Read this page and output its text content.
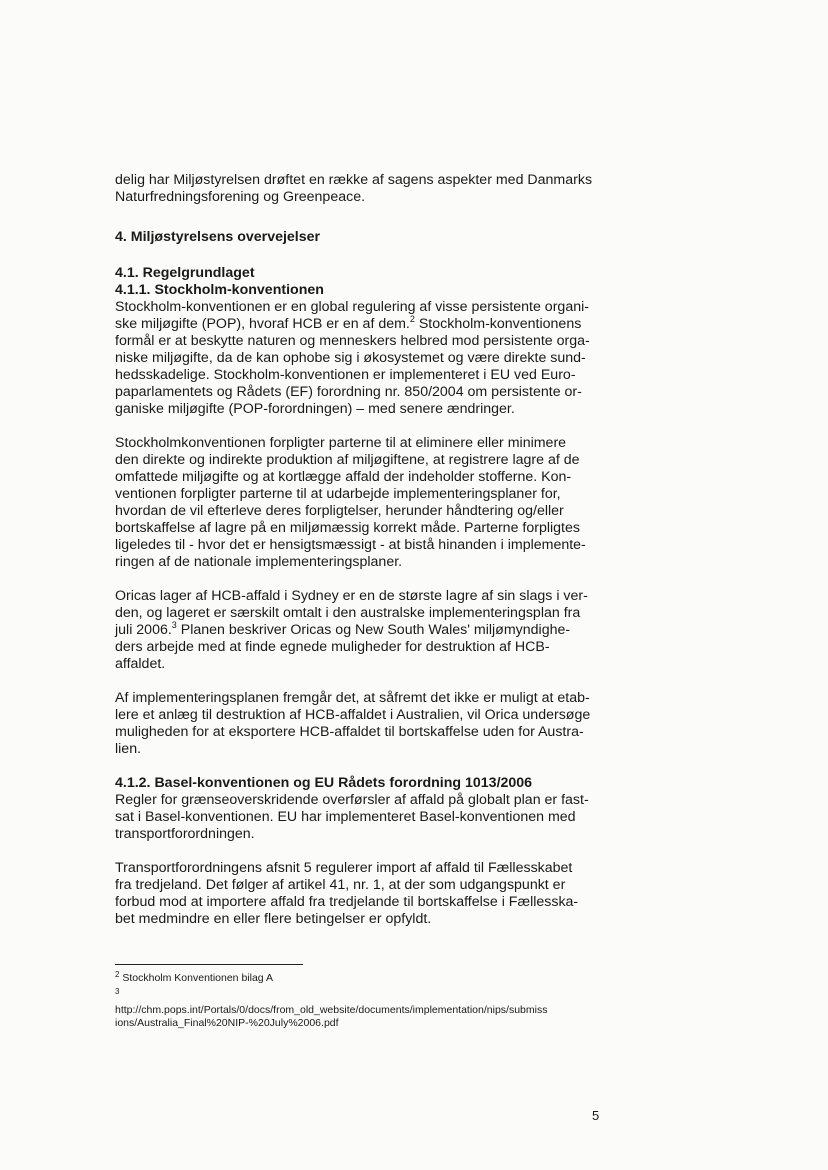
delig har Miljøstyrelsen drøftet en række af sagens aspekter med Danmarks

Naturfredningsforening og Greenpeace.

4. Miljøstyrelsens overvejelser

4.1. Regelgrundlaget

4.1.1. Stockholm-konventionen

Stockholm-konventionen er en global regulering af visse persistente organi-

ske miljøgifte (POP), hvoraf HCB er en af dem.$^2$ Stockholm-konventionens

formål er at beskytte naturen og menneskers helbred mod persistente orga-

niske miljøgifte, da de kan ophobe sig i økosystemet og være direkte sund-

hedsskadelige. Stockholm-konventionen er implementeret i EU ved Euro-

paparlamentets og Rådets (EF) forordning nr. 850/2004 om persistente or-

ganiske miljøgifte (POP-forordningen) – med senere ændringer.

Stockholmkonventionen forpligter parterne til at eliminere eller minimere

den direkte og indirekte produktion af miljøgiftene, at registrere lagre af de

omfattede miljøgifte og at kortlægge affald der indeholder stofferne. Kon-

ventionen forpligter parterne til at udarbejde implementeringsplaner for,

hvordan de vil efterleve deres forpligtelser, herunder håndtering og/eller

bortskaffelse af lagre på en miljømæssig korrekt måde. Parterne forpligtes

ligeledes til - hvor det er hensigtsmæssigt - at bistå hinanden i implemente-

ringen af de nationale implementeringsplaner.

Oricas lager af HCB-affald i Sydney er en de største lagre af sin slags i ver-

den, og lageret er særskilt omtalt i den australske implementeringsplan fra

juli 2006.$^3$ Planen beskriver Oricas og New South Wales' miljømyndighe-

ders arbejde med at finde egnede muligheder for destruktion af HCB-

affaldet.

Af implementeringsplanen fremgår det, at såfremt det ikke er muligt at etab-

lere et anlæg til destruktion af HCB-affaldet i Australien, vil Orica undersøge

muligheden for at eksportere HCB-affaldet til bortskaffelse uden for Austra-

lien.

4.1.2. Basel-konventionen og EU Rådets forordning 1013/2006

Regler for grænseoverskridende overførsler af affald på globalt plan er fast-

sat i Basel-konventionen. EU har implementeret Basel-konventionen med

transportforordningen.

Transportforordningens afsnit 5 regulerer import af affald til Fællesskabet

fra tredjeland. Det følger af artikel 41, nr. 1, at der som udgangspunkt er

forbud mod at importere affald fra tredjelande til bortskaffelse i Fællesska-

bet medmindre en eller flere betingelser er opfyldt.

$^2$ Stockholm Konventionen bilag A

3

http://chm.pops.int/Portals/0/docs/from_old_website/documents/implementation/nips/submiss

ions/Australia_Final%20NIP-%20July%2006.pdf

5
